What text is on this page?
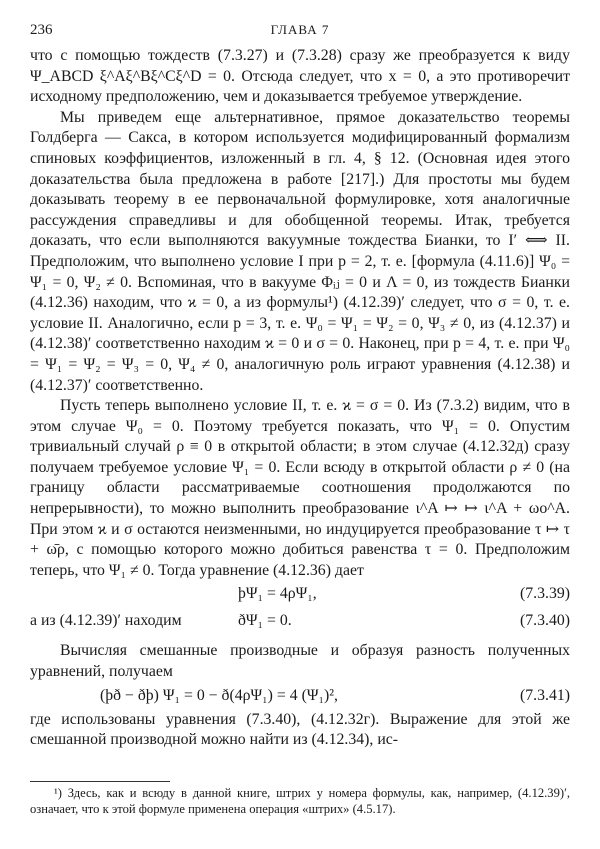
236	ГЛАВА 7

что с помощью тождеств (7.3.27) и (7.3.28) сразу же преобразуется к виду Ψ_ABCD ξ^Aξ^Bξ^Cξ^D = 0. Отсюда следует, что x = 0, а это противоречит исходному предположению, чем и доказывается требуемое утверждение.

Мы приведем еще альтернативное, прямое доказательство теоремы Голдберга — Сакса, в котором используется модифицированный формализм спиновых коэффициентов, изложенный в гл. 4, § 12. (Основная идея этого доказательства была предложена в работе [217].) Для простоты мы будем доказывать теорему в ее первоначальной формулировке, хотя аналогичные рассуждения справедливы и для обобщенной теоремы. Итак, требуется доказать, что если выполняются вакуумные тождества Бианки, то I′ ⟺ II. Предположим, что выполнено условие I при p = 2, т. е. [формула (4.11.6)] Ψ₀ = Ψ₁ = 0, Ψ₂ ≠ 0. Вспоминая, что в вакууме Φᵢⱼ = 0 и Λ = 0, из тождеств Бианки (4.12.36) находим, что ϰ = 0, а из формулы¹) (4.12.39)′ следует, что σ = 0, т. е. условие II. Аналогично, если p = 3, т. е. Ψ₀ = Ψ₁ = Ψ₂ = 0, Ψ₃ ≠ 0, из (4.12.37) и (4.12.38)′ соответственно находим ϰ = 0 и σ = 0. Наконец, при p = 4, т. е. при Ψ₀ = Ψ₁ = Ψ₂ = Ψ₃ = 0, Ψ₄ ≠ 0, аналогичную роль играют уравнения (4.12.38) и (4.12.37)′ соответственно.

Пусть теперь выполнено условие II, т. е. ϰ = σ = 0. Из (7.3.2) видим, что в этом случае Ψ₀ = 0. Поэтому требуется показать, что Ψ₁ = 0. Опустим тривиальный случай ρ ≡ 0 в открытой области; в этом случае (4.12.32д) сразу получаем требуемое условие Ψ₁ = 0. Если всюду в открытой области ρ ≠ 0 (на границу области рассматриваемые соотношения продолжаются по непрерывности), то можно выполнить преобразование ι^A ↦ ↦ ι^A + ωo^A. При этом ϰ и σ остаются неизменными, но индуцируется преобразование τ ↦ τ + ω̄ρ, с помощью которого можно добиться равенства τ = 0. Предположим теперь, что Ψ₁ ≠ 0. Тогда уравнение (4.12.36) дает

þΨ₁ = 4ρΨ₁,	(7.3.39)
а из (4.12.39)′ находим	ðΨ₁ = 0.	(7.3.40)

Вычисляя смешанные производные и образуя разность полученных уравнений, получаем

(þð − ðþ) Ψ₁ = 0 − ð(4ρΨ₁) = 4 (Ψ₁)²,	(7.3.41)

где использованы уравнения (7.3.40), (4.12.32г). Выражение для этой же смешанной производной можно найти из (4.12.34), ис-

¹) Здесь, как и всюду в данной книге, штрих у номера формулы, как, например, (4.12.39)′, означает, что к этой формуле применена операция «штрих» (4.5.17).
